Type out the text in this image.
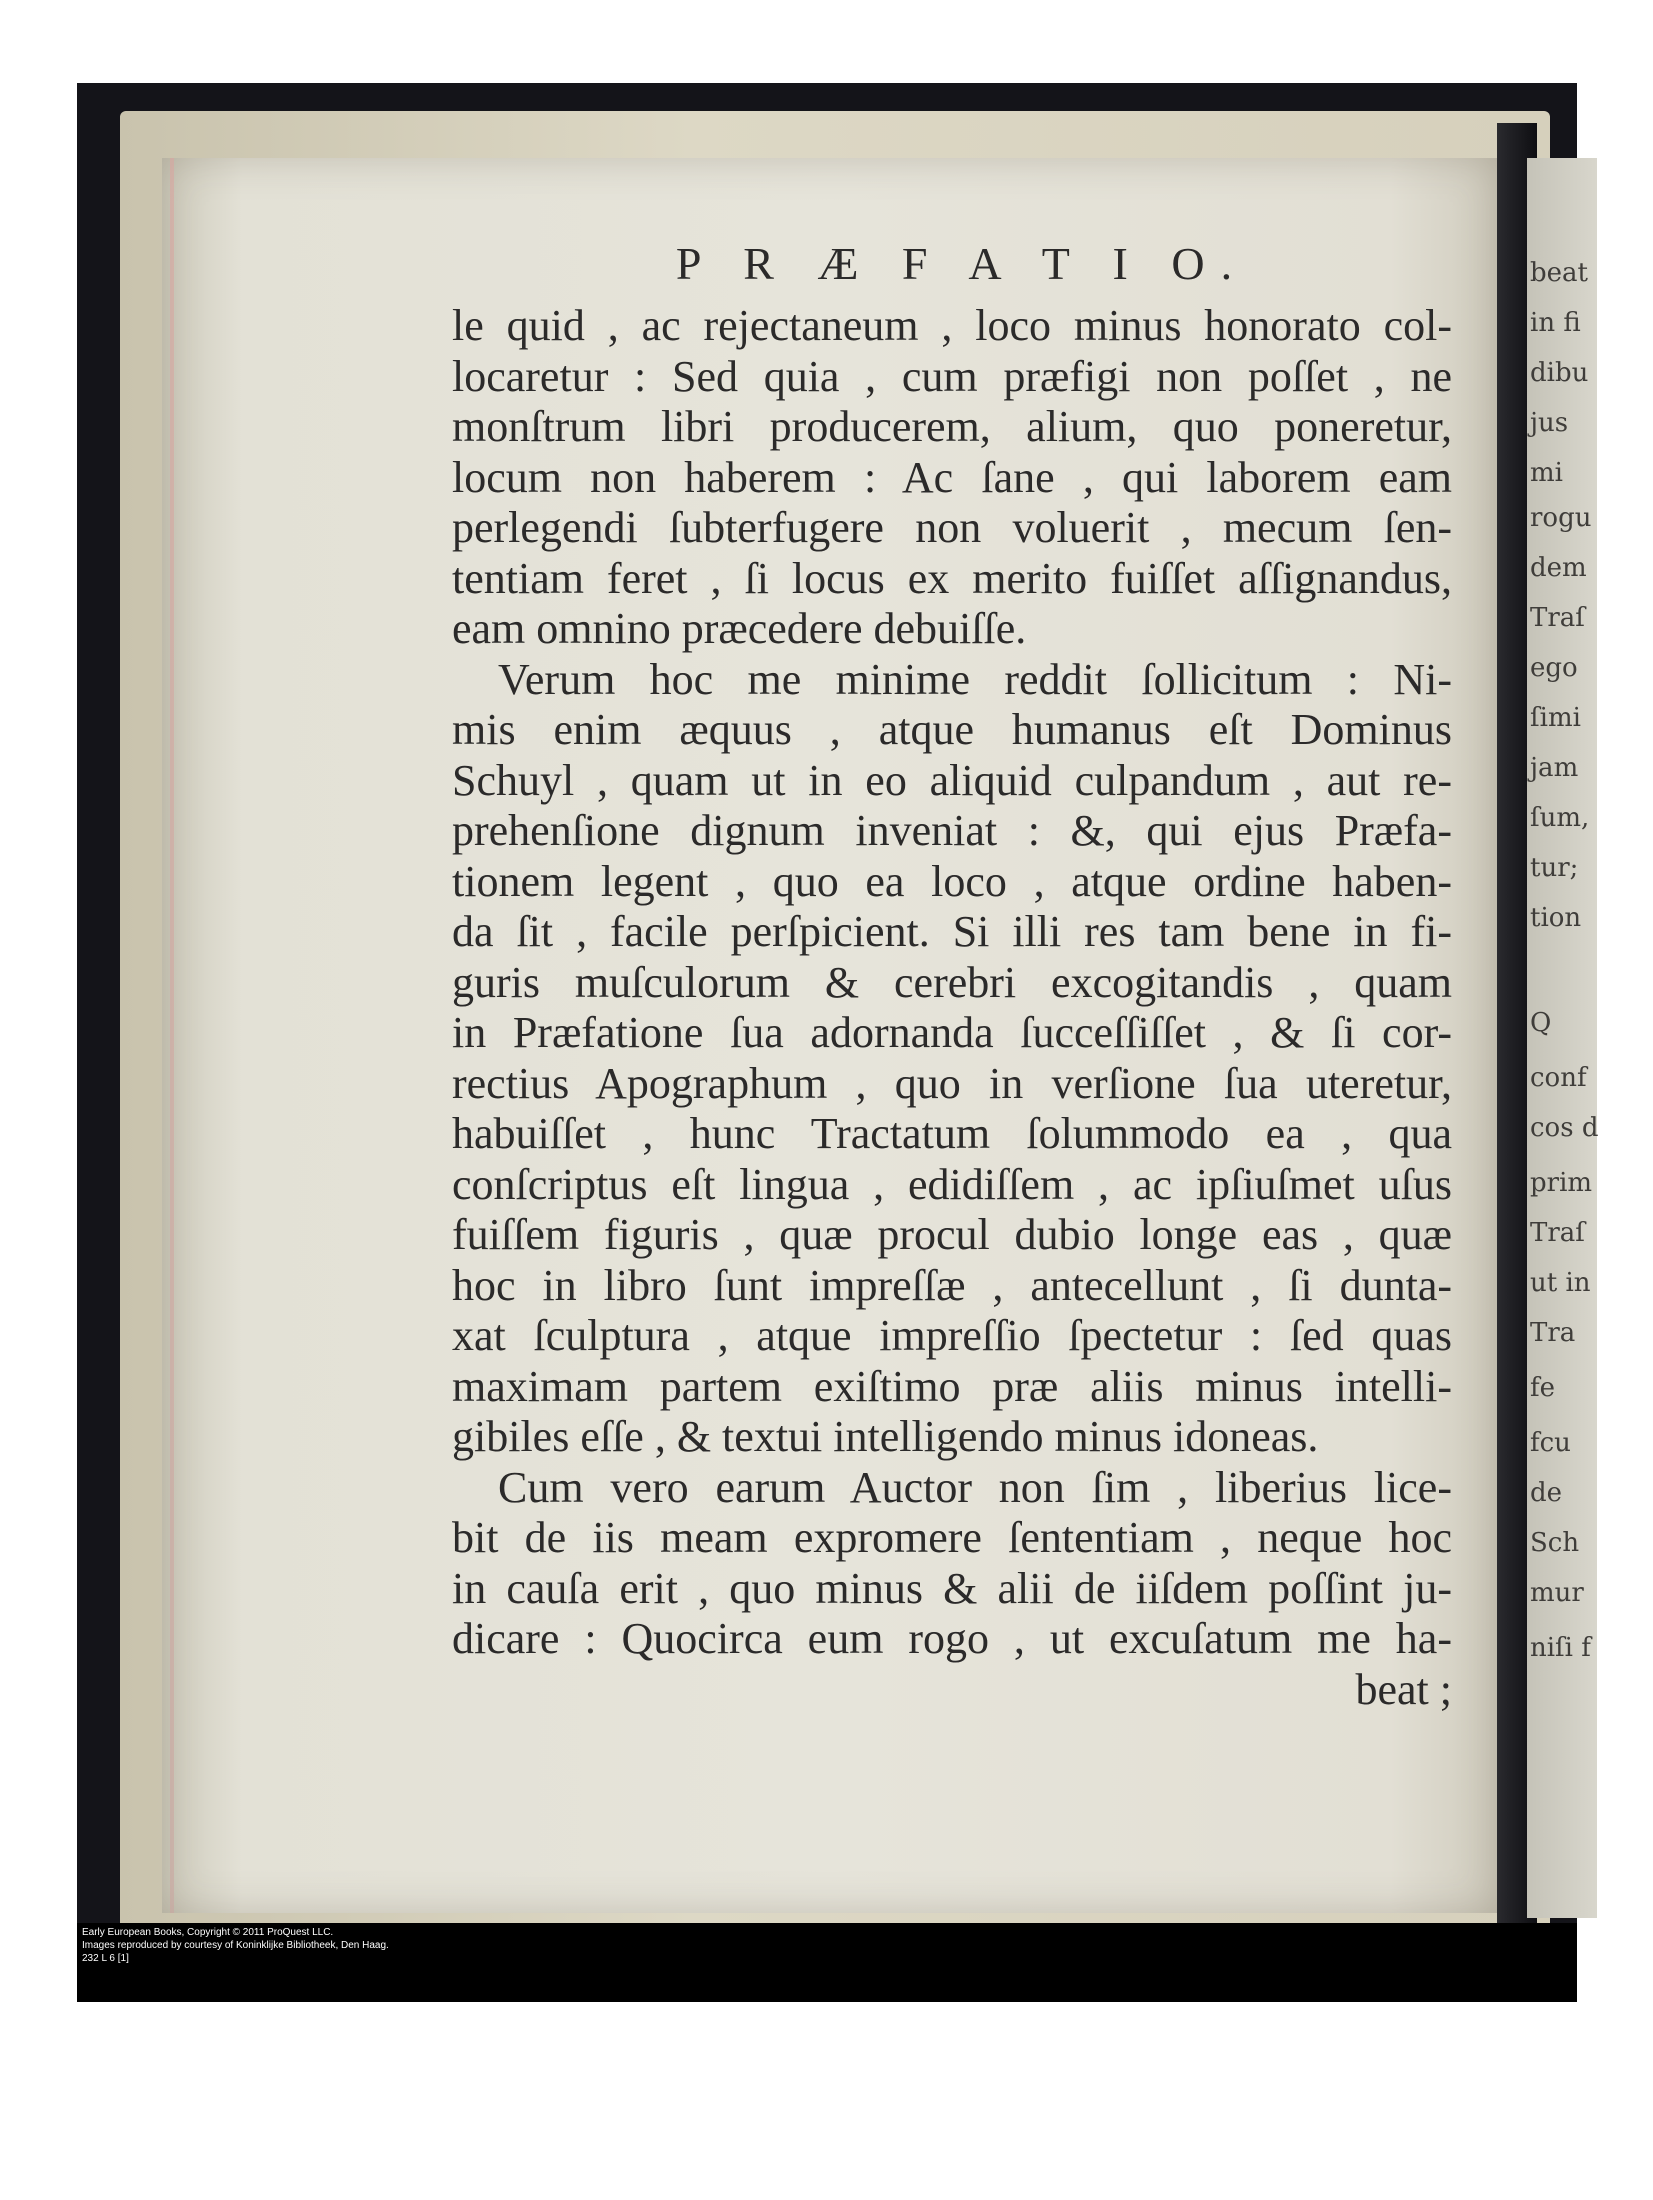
beat
in fi
dibu
jus
mi
rogu
dem
Traſ
ego
ſimi
jam
ſum,
tur;
tion
Q
conf
cos d
prim
Traſ
ut in
Tra
fe
fcu
de
Sch
mur
niſi f
P R Æ F A T I O.
le quid , ac rejectaneum , loco minus honorato col-
locaretur : Sed quia , cum præfigi non poſſet , ne
monſtrum libri producerem, alium, quo poneretur,
locum non haberem : Ac ſane , qui laborem eam
perlegendi ſubterfugere non voluerit , mecum ſen-
tentiam feret , ſi locus ex merito fuiſſet aſſignandus,
eam omnino præcedere debuiſſe.
Verum hoc me minime reddit ſollicitum : Ni-
mis enim æquus , atque humanus eſt Dominus
Schuyl , quam ut in eo aliquid culpandum , aut re-
prehenſione dignum inveniat : &, qui ejus Præfa-
tionem legent , quo ea loco , atque ordine haben-
da ſit , facile perſpicient. Si illi res tam bene in fi-
guris muſculorum & cerebri excogitandis , quam
in Præfatione ſua adornanda ſucceſſiſſet , & ſi cor-
rectius Apographum , quo in verſione ſua uteretur,
habuiſſet , hunc Tractatum ſolummodo ea , qua
conſcriptus eſt lingua , edidiſſem , ac ipſiuſmet uſus
fuiſſem figuris , quæ procul dubio longe eas , quæ
hoc in libro ſunt impreſſæ , antecellunt , ſi dunta-
xat ſculptura , atque impreſſio ſpectetur : ſed quas
maximam partem exiſtimo præ aliis minus intelli-
gibiles eſſe , & textui intelligendo minus idoneas.
Cum vero earum Auctor non ſim , liberius lice-
bit de iis meam expromere ſententiam , neque hoc
in cauſa erit , quo minus & alii de iiſdem poſſint ju-
dicare : Quocirca eum rogo , ut excuſatum me ha-
beat ;
Early European Books, Copyright © 2011 ProQuest LLC.
Images reproduced by courtesy of Koninklijke Bibliotheek, Den Haag.
232 L 6 [1]
